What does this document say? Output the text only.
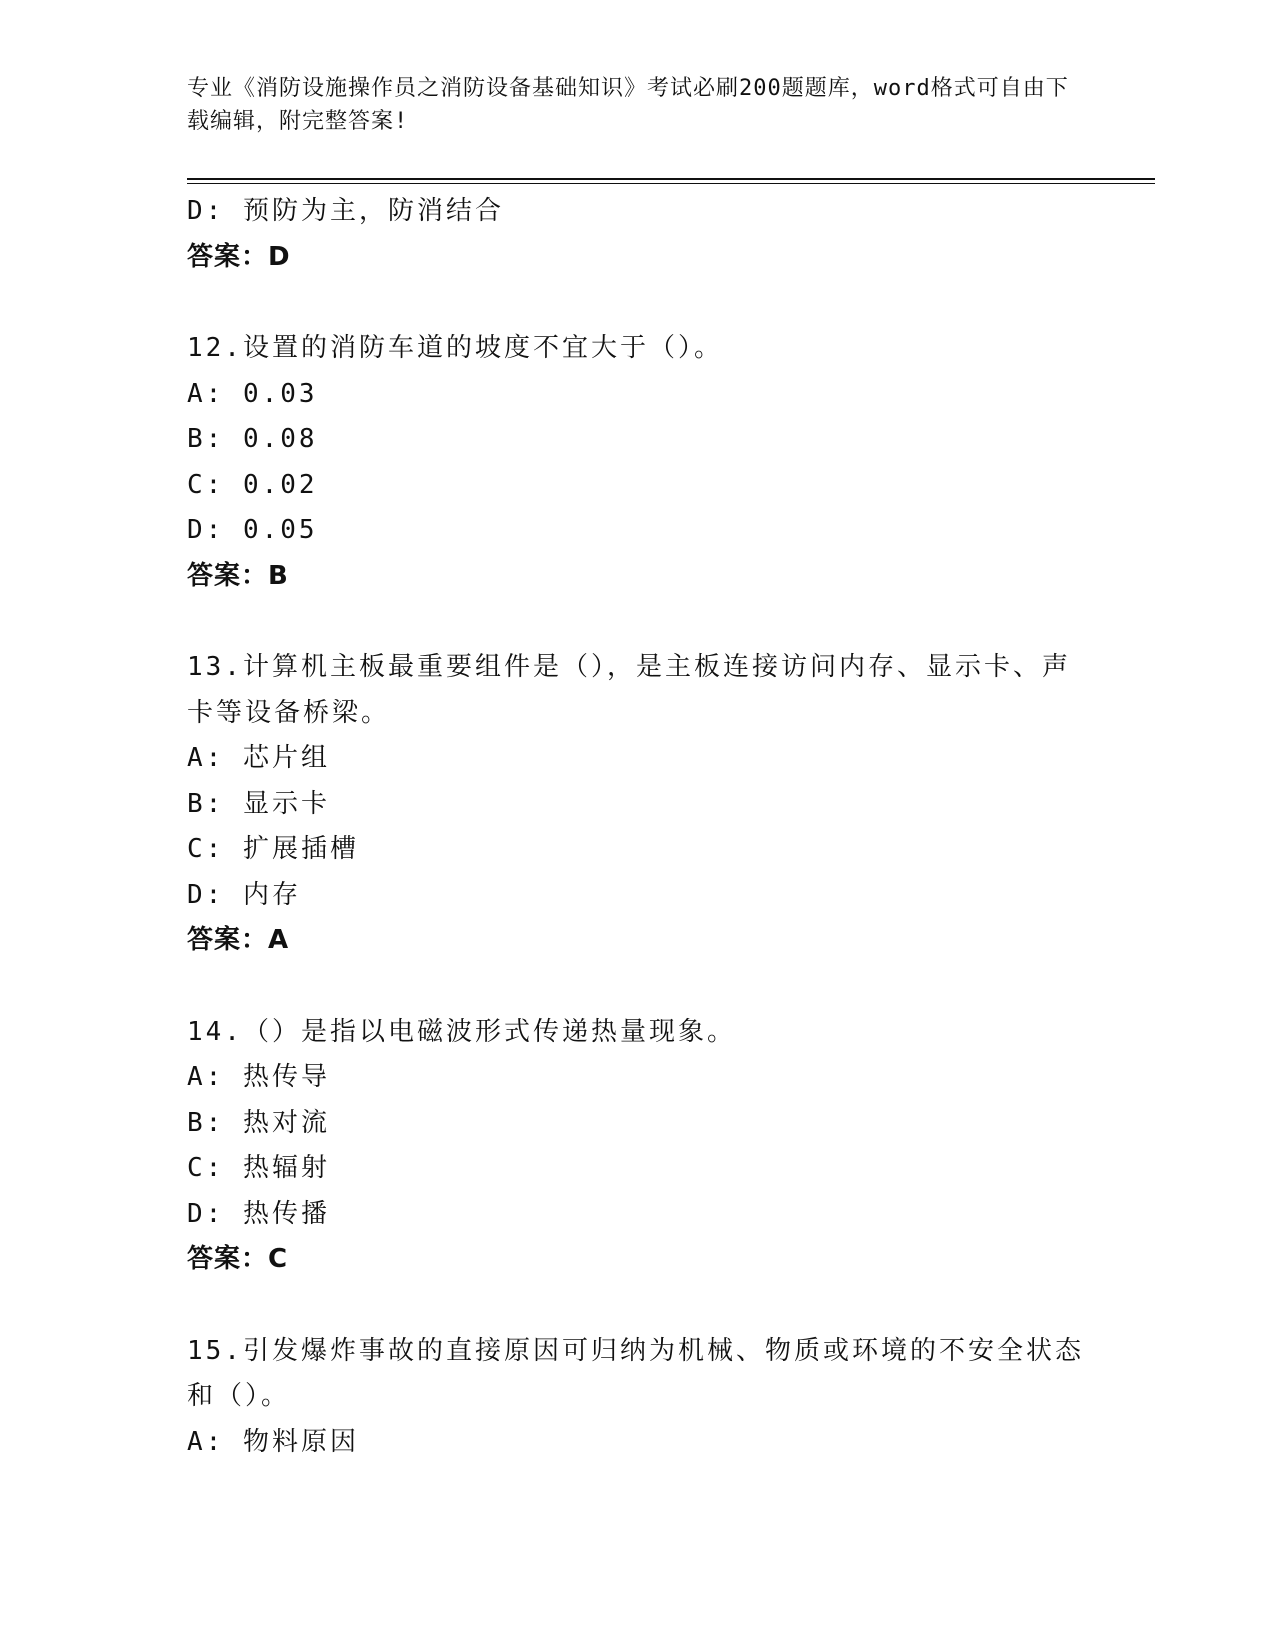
专业《消防设施操作员之消防设备基础知识》考试必刷200题题库，word格式可自由下载编辑，附完整答案!
D: 预防为主，防消结合
答案：D
12.设置的消防车道的坡度不宜大于（）。
A: 0.03
B: 0.08
C: 0.02
D: 0.05
答案：B
13.计算机主板最重要组件是（），是主板连接访问内存、显示卡、声卡等设备桥梁。
A: 芯片组
B: 显示卡
C: 扩展插槽
D: 内存
答案：A
14.（）是指以电磁波形式传递热量现象。
A: 热传导
B: 热对流
C: 热辐射
D: 热传播
答案：C
15.引发爆炸事故的直接原因可归纳为机械、物质或环境的不安全状态和（）。
A: 物料原因
